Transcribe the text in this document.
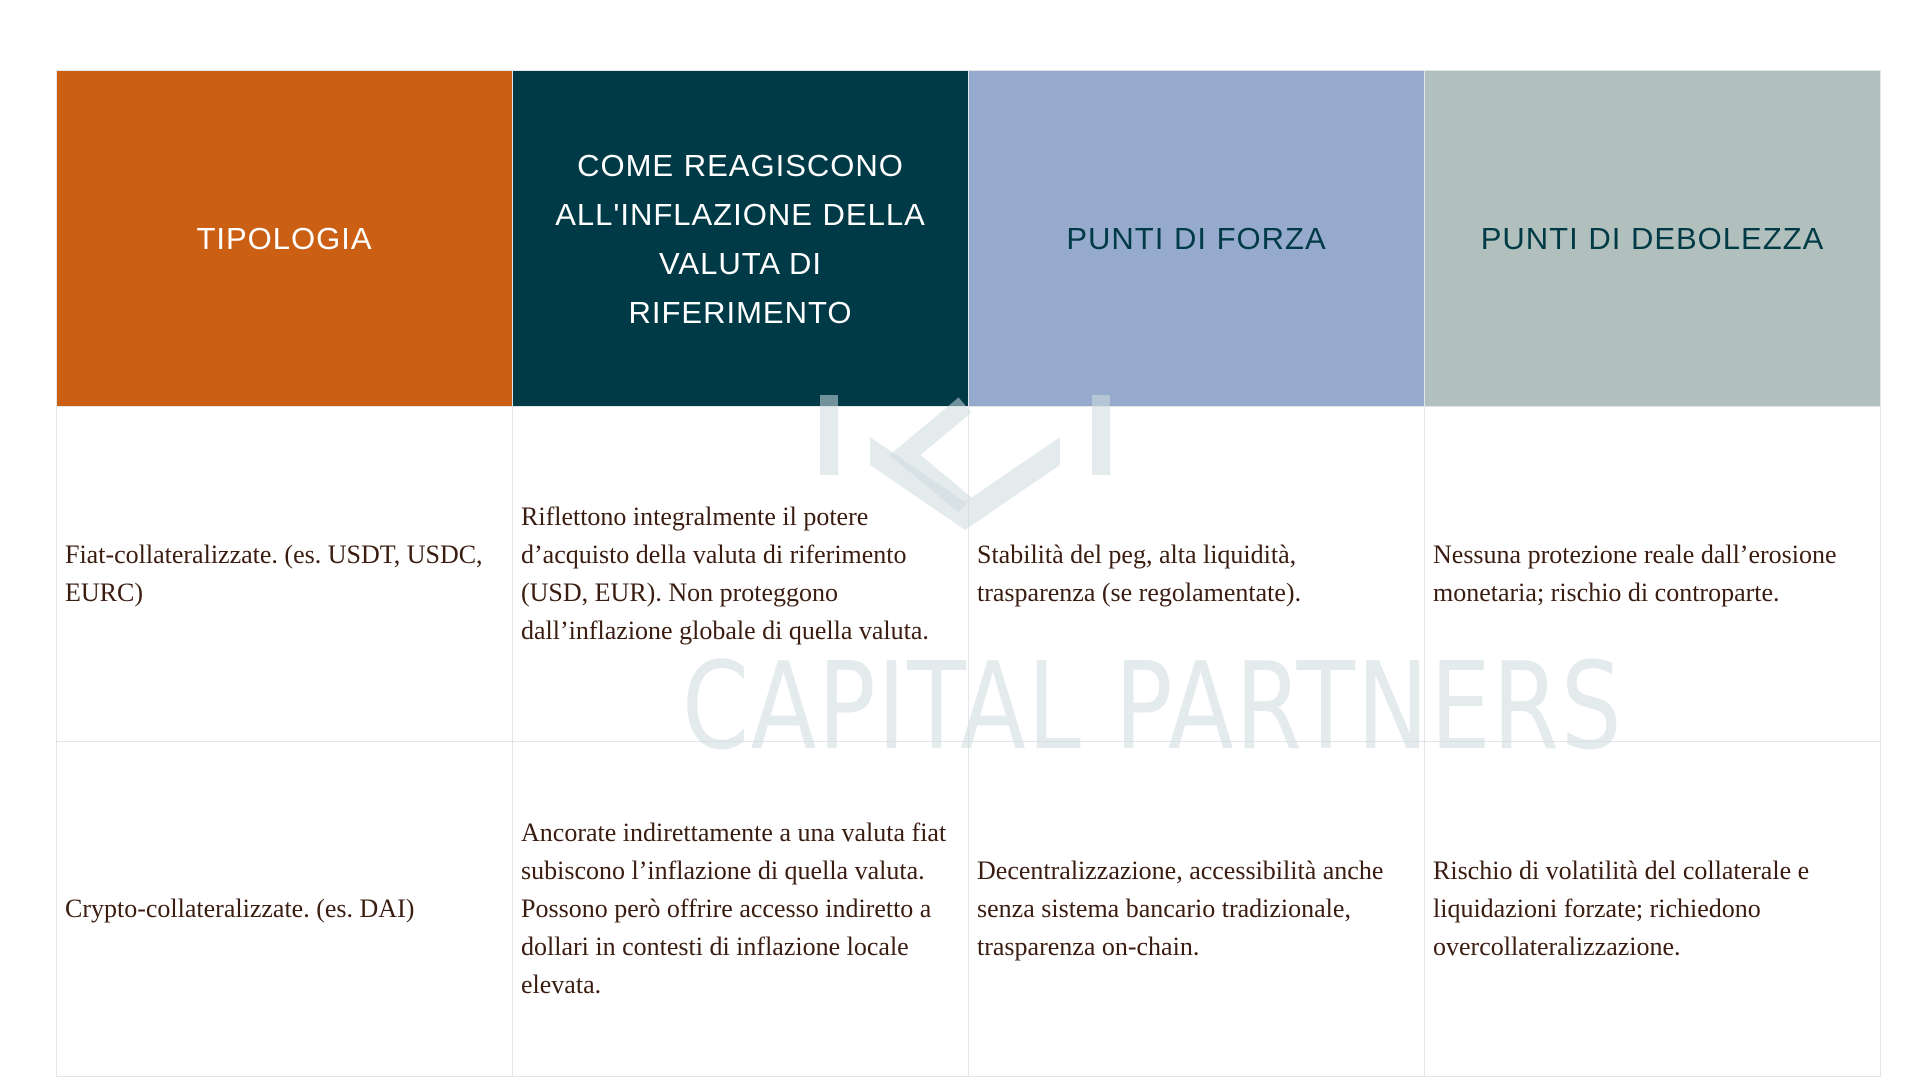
TIPOLOGIA	COME REAGISCONO ALL'INFLAZIONE DELLA VALUTA DI RIFERIMENTO	PUNTI DI FORZA	PUNTI DI DEBOLEZZA

Fiat-collateralizzate. (es. USDT, USDC, EURC)	Riflettono integralmente il potere d’acquisto della valuta di riferimento (USD, EUR). Non proteggono dall’inflazione globale di quella valuta.	Stabilità del peg, alta liquidità, trasparenza (se regolamentate).	Nessuna protezione reale dall’erosione monetaria; rischio di controparte.

Crypto-collateralizzate. (es. DAI)	Ancorate indirettamente a una valuta fiat subiscono l’inflazione di quella valuta. Possono però offrire accesso indiretto a dollari in contesti di inflazione locale elevata.	Decentralizzazione, accessibilità anche senza sistema bancario tradizionale, trasparenza on-chain.	Rischio di volatilità del collaterale e liquidazioni forzate; richiedono overcollateralizzazione.
CAPITAL PARTNERS
